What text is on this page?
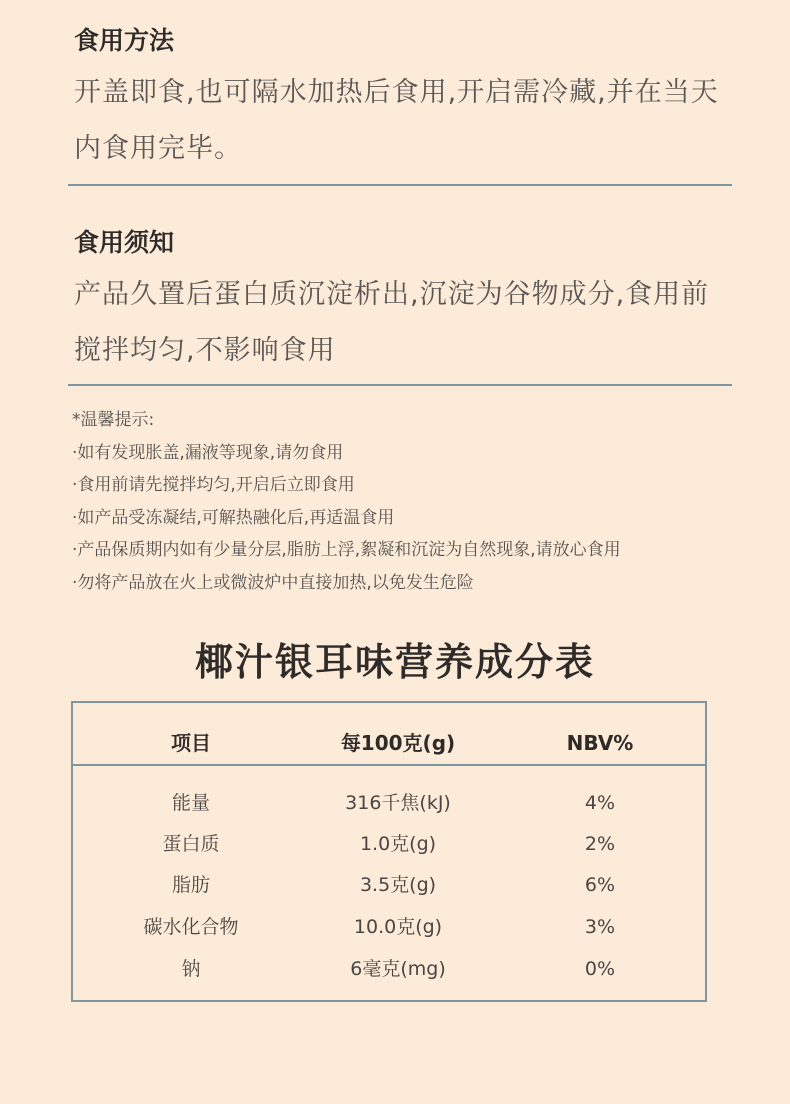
食用方法

开盖即食,也可隔水加热后食用,开启需冷藏,并在当天

内食用完毕。

食用须知

产品久置后蛋白质沉淀析出,沉淀为谷物成分,食用前

搅拌均匀,不影响食用

*温馨提示:
·如有发现胀盖,漏液等现象,请勿食用
·食用前请先搅拌均匀,开启后立即食用
·如产品受冻凝结,可解热融化后,再适温食用
·产品保质期内如有少量分层,脂肪上浮,絮凝和沉淀为自然现象,请放心食用
·勿将产品放在火上或微波炉中直接加热,以免发生危险
椰汁银耳味营养成分表
项目	每100克(g)	NBV%
能量	316千焦(kJ)	4%
蛋白质	1.0克(g)	2%
脂肪	3.5克(g)	6%
碳水化合物	10.0克(g)	3%
钠	6毫克(mg)	0%
